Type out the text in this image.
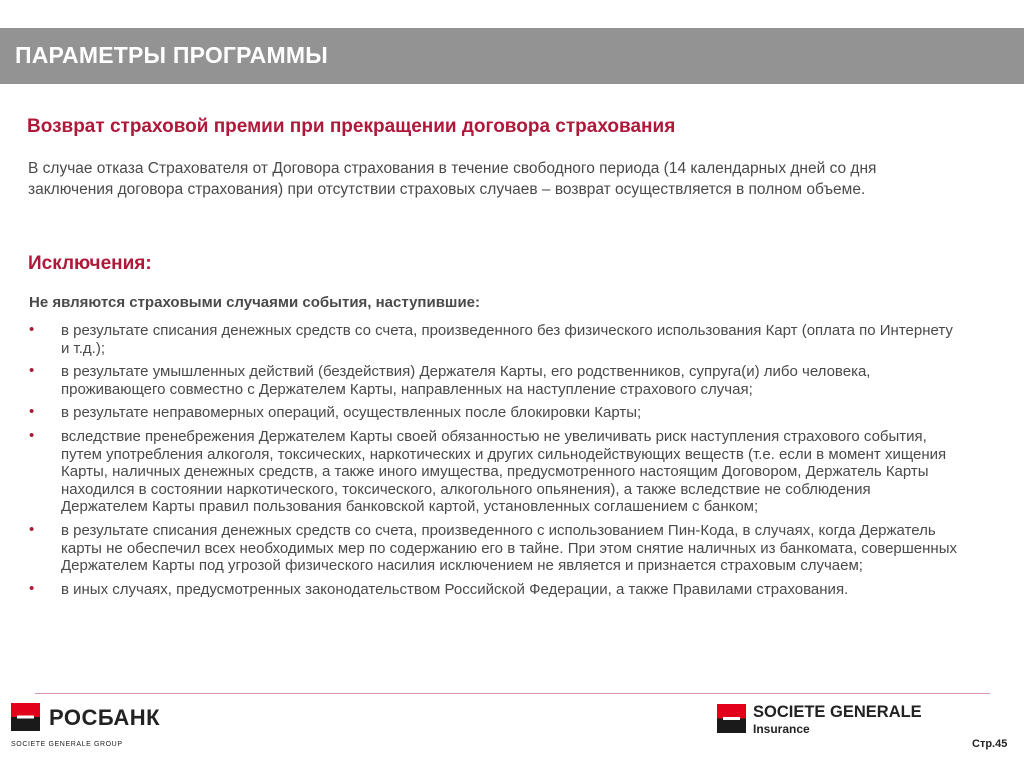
ПАРАМЕТРЫ ПРОГРАММЫ
Возврат страховой премии при прекращении договора страхования
В случае отказа Страхователя от Договора страхования в течение свободного периода (14 календарных дней со дня заключения договора страхования) при отсутствии страховых случаев – возврат осуществляется в полном объеме.
Исключения:
Не являются страховыми случаями события, наступившие:
• в результате списания денежных средств со счета, произведенного без физического использования Карт (оплата по Интернету и т.д.);
• в результате умышленных действий (бездействия) Держателя Карты, его родственников, супруга(и) либо человека, проживающего совместно с Держателем Карты, направленных на наступление страхового случая;
• в результате неправомерных операций, осуществленных после блокировки Карты;
• вследствие пренебрежения Держателем Карты своей обязанностью не увеличивать риск наступления страхового события, путем употребления алкоголя, токсических, наркотических и других сильнодействующих веществ (т.е. если в момент хищения Карты, наличных денежных средств, а также иного имущества, предусмотренного настоящим Договором, Держатель Карты находился в состоянии наркотического, токсического, алкогольного опьянения), а также вследствие не соблюдения Держателем Карты правил пользования банковской картой, установленных соглашением с банком;
• в результате списания денежных средств со счета, произведенного с использованием Пин-Кода, в случаях, когда Держатель карты не обеспечил всех необходимых мер по содержанию его в тайне. При этом снятие наличных из банкомата, совершенных Держателем Карты под угрозой физического насилия исключением не является и признается страховым случаем;
• в иных случаях, предусмотренных законодательством Российской Федерации, а также Правилами страхования.
РОСБАНК
SOCIETE GENERALE GROUP
SOCIETE GENERALE
Insurance
Стр.45
